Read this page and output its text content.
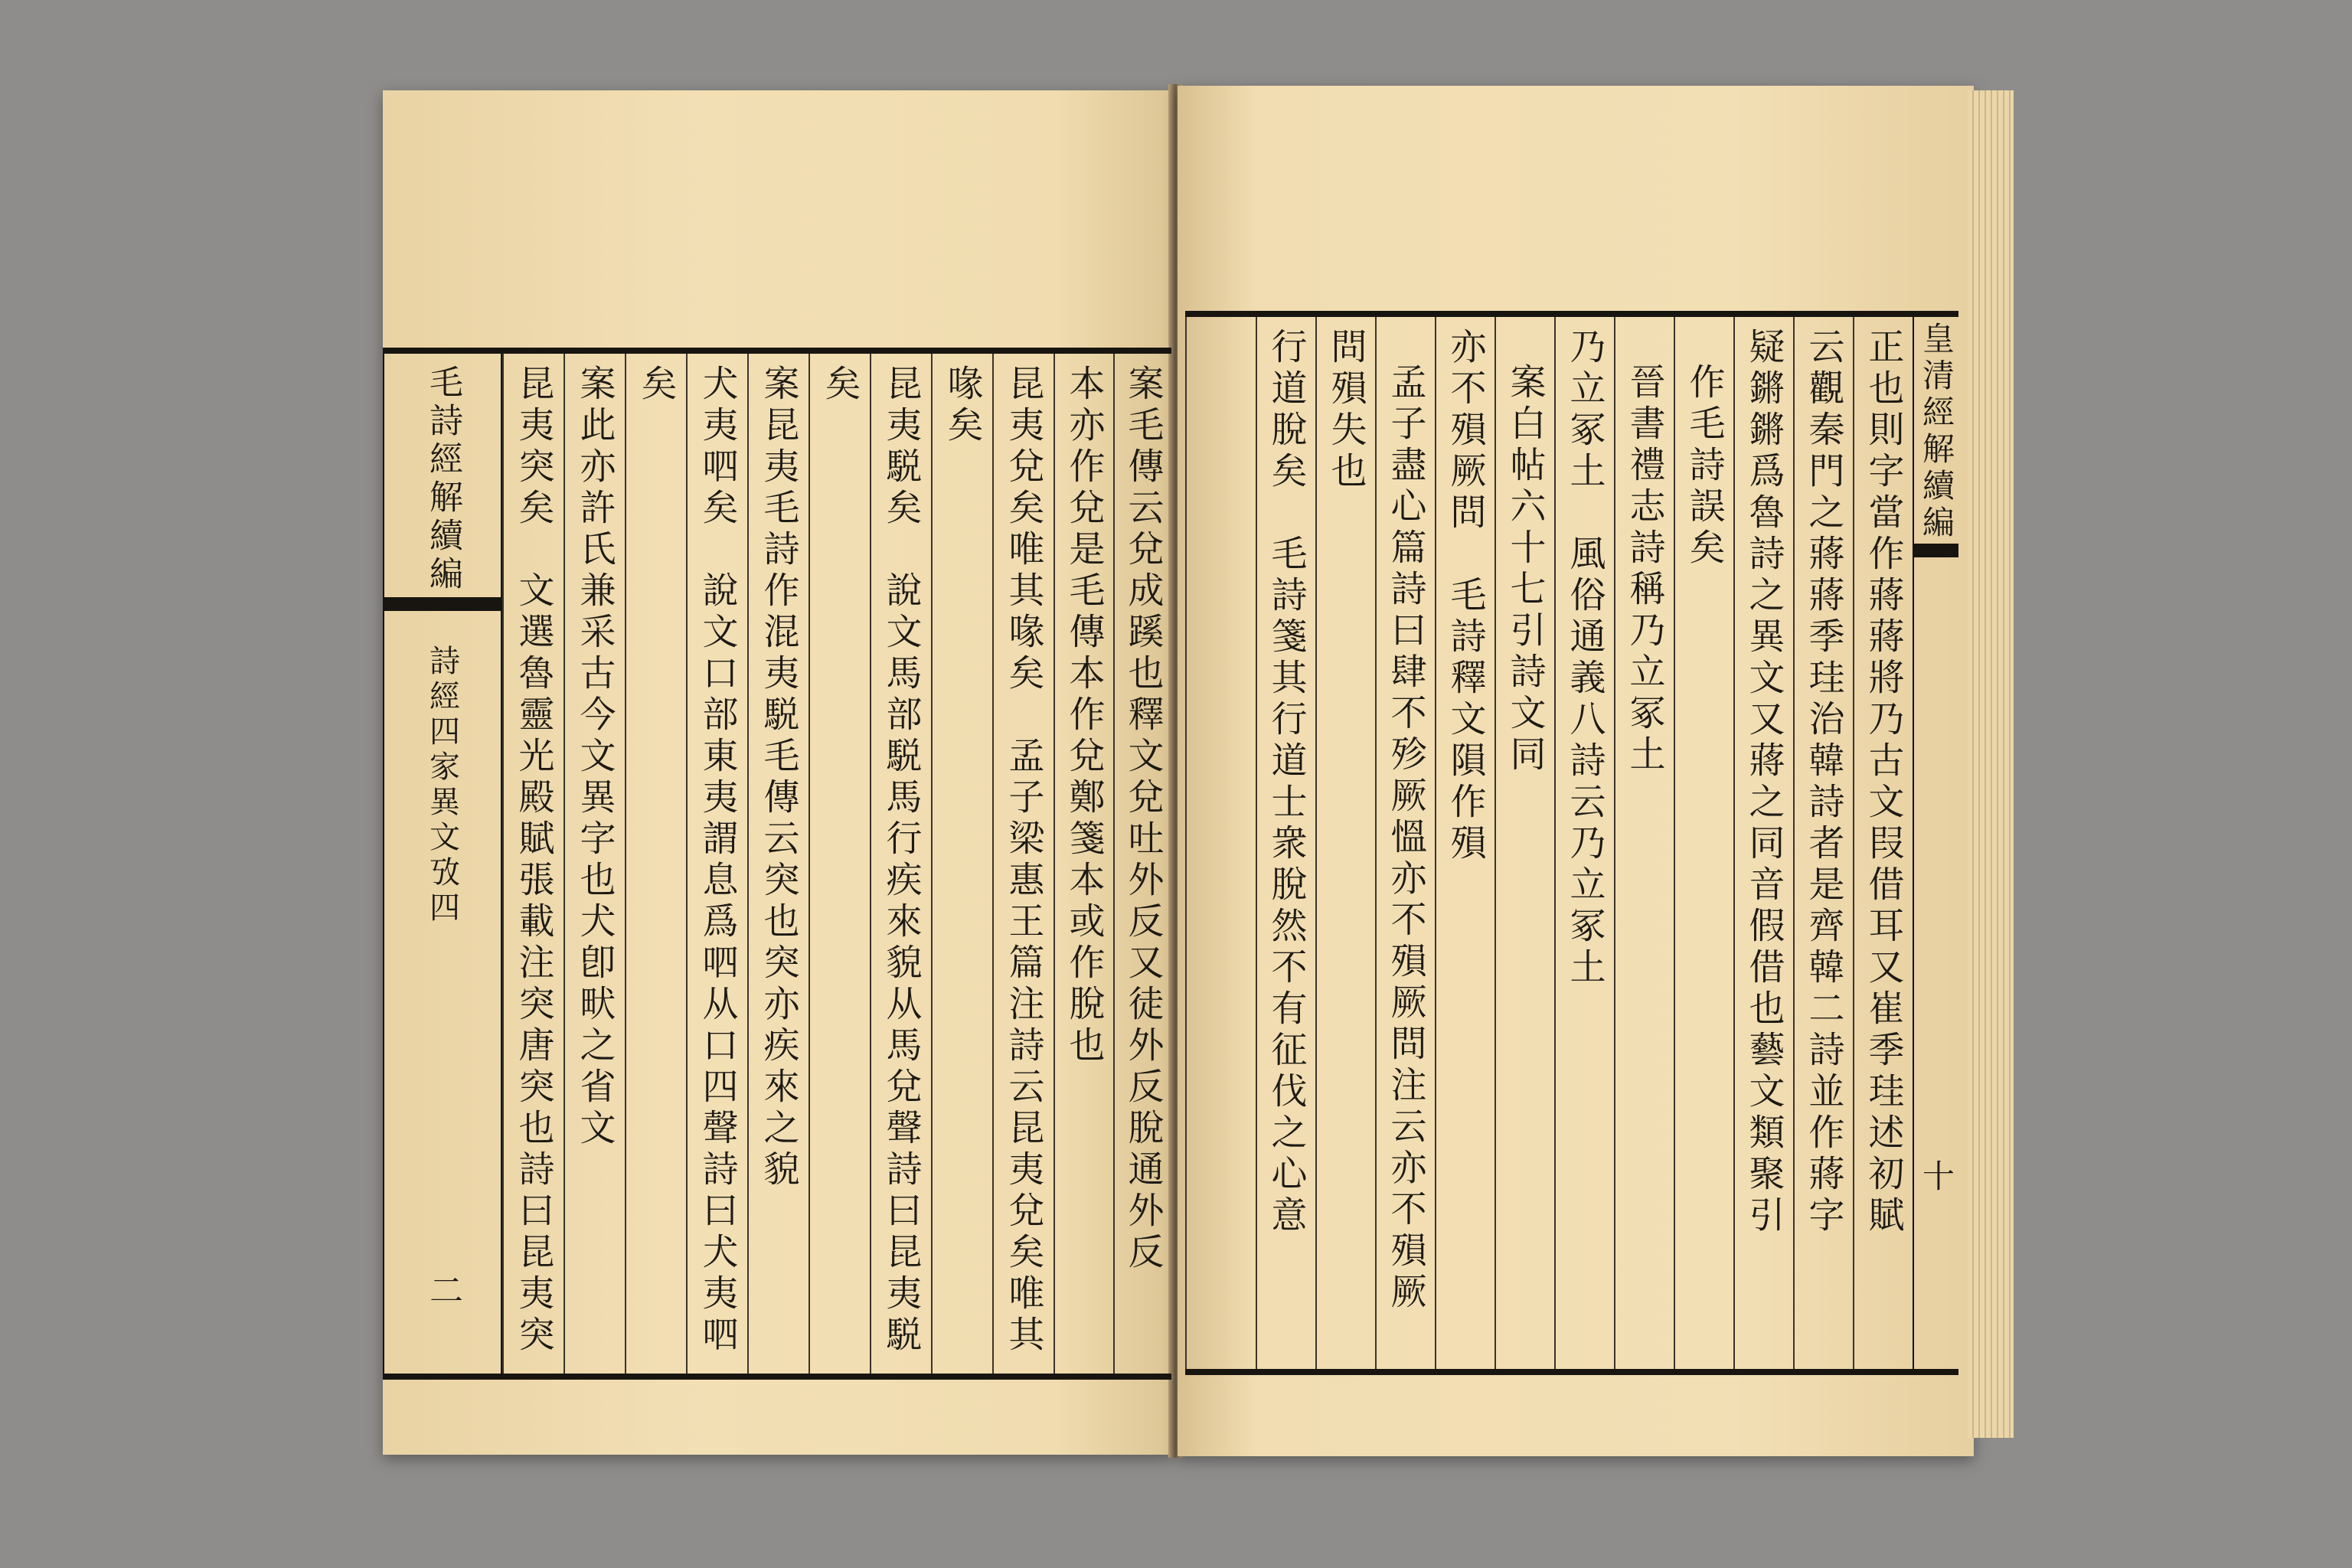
案毛傳云兌成蹊也釋文兌吐外反又徒外反脫通外反
本亦作兌是毛傳本作兌鄭箋本或作脫也
昆夷兌矣唯其喙矣　孟子梁惠王篇注詩云昆夷兌矣唯其
喙矣
昆夷駾矣　說文馬部駾馬行疾來貌从馬兌聲詩曰昆夷駾
矣
案昆夷毛詩作混夷駾毛傳云突也突亦疾來之貌
犬夷呬矣　說文口部東夷謂息爲呬从口四聲詩曰犬夷呬
矣
案此亦許氏兼采古今文異字也犬卽畎之省文
昆夷突矣　文選魯靈光殿賦張載注突唐突也詩曰昆夷突
毛詩經解續編
詩經四家異文攷四
二
皇清經解續編
十
正也則字當作蔣蔣將乃古文叚借耳又崔季珪述初賦
云觀秦門之蔣蔣季珪治韓詩者是齊韓二詩並作蔣字
疑鏘鏘爲魯詩之異文又蔣之同音假借也藝文類聚引
作毛詩誤矣
晉書禮志詩稱乃立冢土
乃立冢土　風俗通義八詩云乃立冢土
案白帖六十七引詩文同
亦不殞厥問　毛詩釋文隕作殞
孟子盡心篇詩曰肆不殄厥慍亦不殞厥問注云亦不殞厥
問殞失也
行道脫矣　毛詩箋其行道士衆脫然不有征伐之心意
